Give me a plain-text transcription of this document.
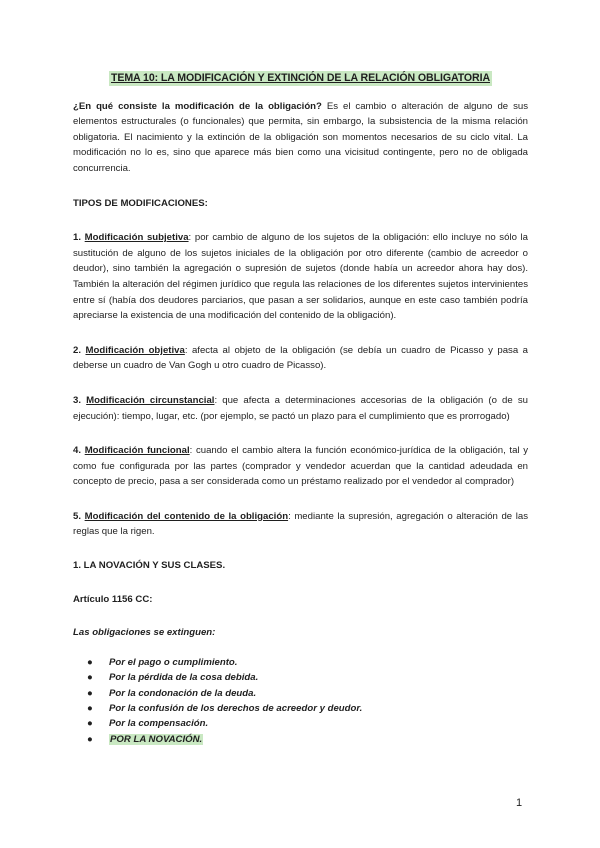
TEMA 10: LA MODIFICACIÓN Y EXTINCIÓN DE LA RELACIÓN OBLIGATORIA

¿En qué consiste la modificación de la obligación? Es el cambio o alteración de alguno de sus elementos estructurales (o funcionales) que permita, sin embargo, la subsistencia de la misma relación obligatoria. El nacimiento y la extinción de la obligación son momentos necesarios de su ciclo vital. La modificación no lo es, sino que aparece más bien como una vicisitud contingente, pero no de obligada concurrencia.

TIPOS DE MODIFICACIONES:

1. Modificación subjetiva: por cambio de alguno de los sujetos de la obligación: ello incluye no sólo la sustitución de alguno de los sujetos iniciales de la obligación por otro diferente (cambio de acreedor o deudor), sino también la agregación o supresión de sujetos (donde había un acreedor ahora hay dos). También la alteración del régimen jurídico que regula las relaciones de los diferentes sujetos intervinientes entre sí (había dos deudores parciarios, que pasan a ser solidarios, aunque en este caso también podría apreciarse la existencia de una modificación del contenido de la obligación).

2. Modificación objetiva: afecta al objeto de la obligación (se debía un cuadro de Picasso y pasa a deberse un cuadro de Van Gogh u otro cuadro de Picasso).

3. Modificación circunstancial: que afecta a determinaciones accesorias de la obligación (o de su ejecución): tiempo, lugar, etc. (por ejemplo, se pactó un plazo para el cumplimiento que es prorrogado)

4. Modificación funcional: cuando el cambio altera la función económico-jurídica de la obligación, tal y como fue configurada por las partes (comprador y vendedor acuerdan que la cantidad adeudada en concepto de precio, pasa a ser considerada como un préstamo realizado por el vendedor al comprador)

5. Modificación del contenido de la obligación: mediante la supresión, agregación o alteración de las reglas que la rigen.

1. LA NOVACIÓN Y SUS CLASES.

Artículo 1156 CC:

Las obligaciones se extinguen:

● Por el pago o cumplimiento.
● Por la pérdida de la cosa debida.
● Por la condonación de la deuda.
● Por la confusión de los derechos de acreedor y deudor.
● Por la compensación.
● POR LA NOVACIÓN.
1
